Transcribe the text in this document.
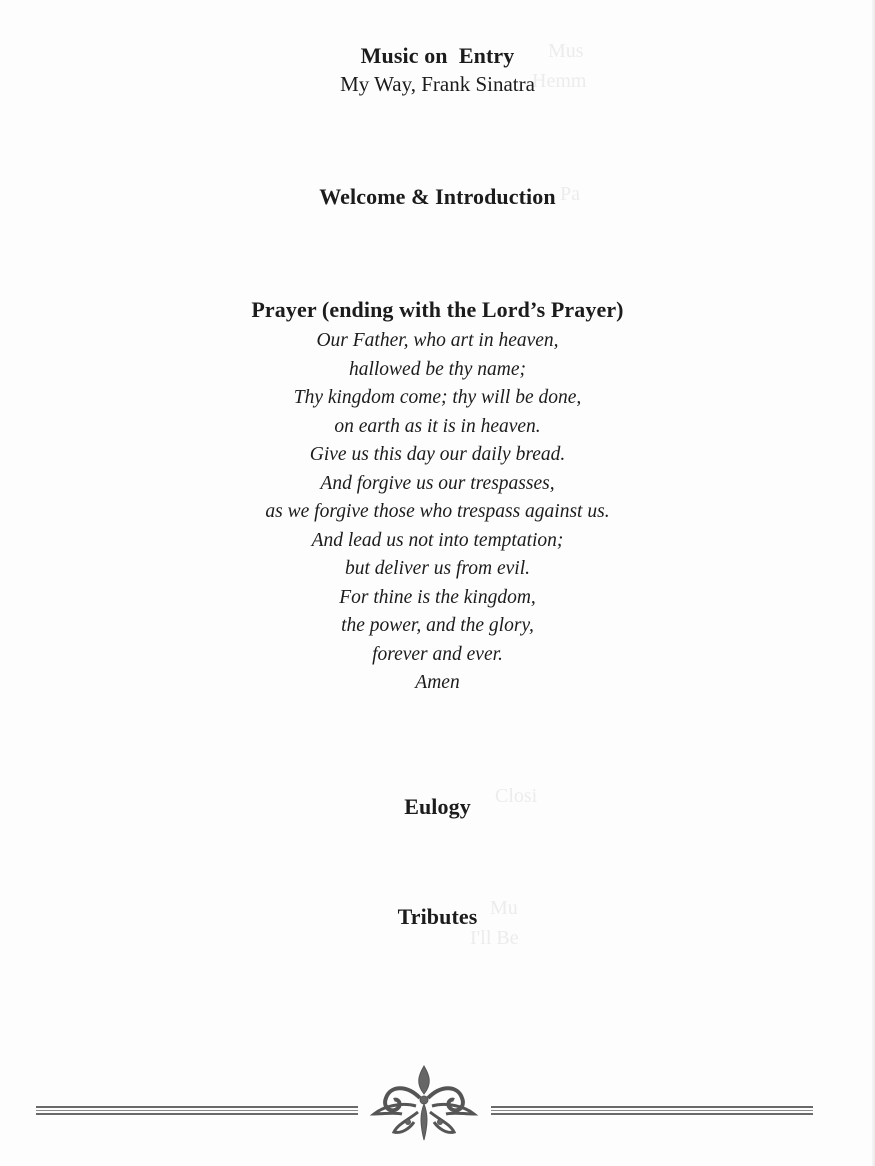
Mus
Hemm
Pa
Closi
Mu
I'll Be
Music on  Entry
My Way, Frank Sinatra
Welcome & Introduction
Prayer (ending with the Lord’s Prayer)
Our Father, who art in heaven,
hallowed be thy name;
Thy kingdom come; thy will be done,
on earth as it is in heaven.
Give us this day our daily bread.
And forgive us our trespasses,
as we forgive those who trespass against us.
And lead us not into temptation;
but deliver us from evil.
For thine is the kingdom,
the power, and the glory,
forever and ever.
Amen
Eulogy
Tributes
